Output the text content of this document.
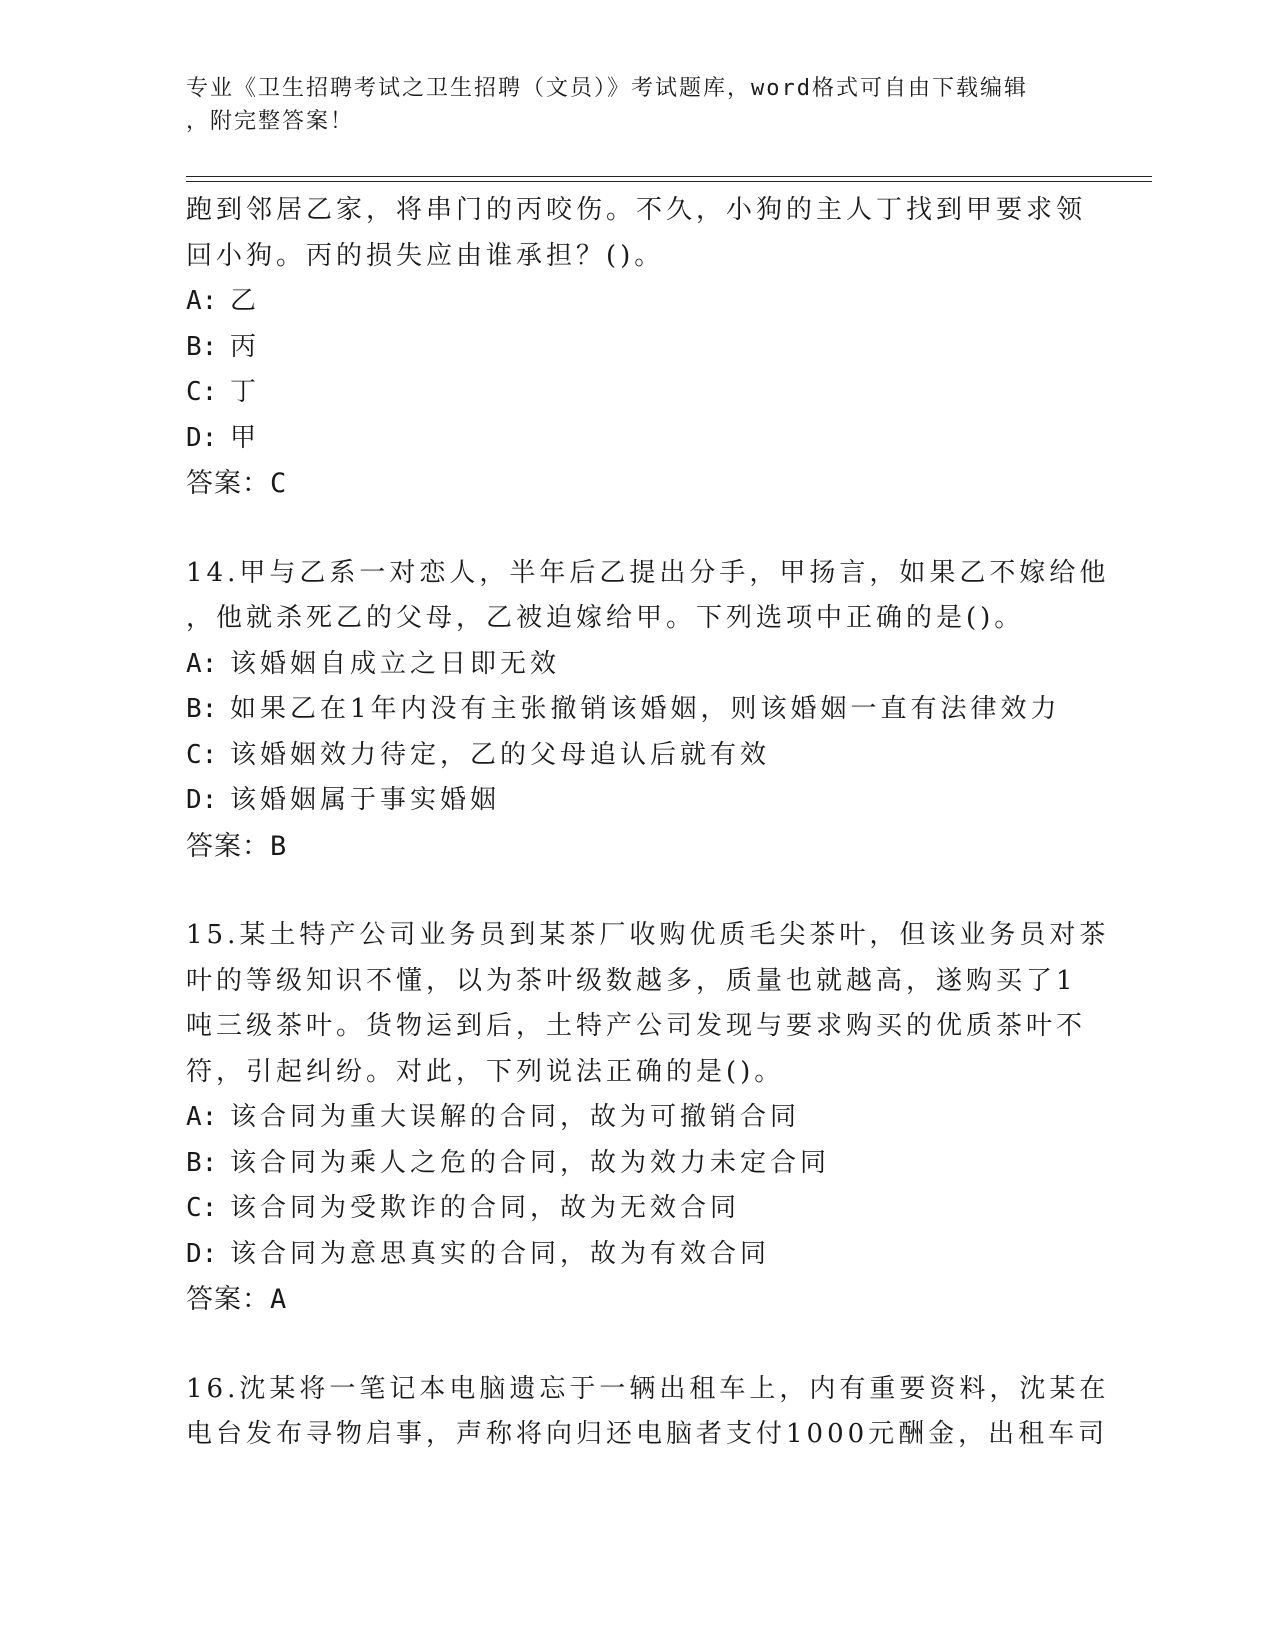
专业《卫生招聘考试之卫生招聘（文员）》考试题库，word格式可自由下载编辑
，附完整答案！
跑到邻居乙家，将串门的丙咬伤。不久，小狗的主人丁找到甲要求领
回小狗。丙的损失应由谁承担？()。
A: 乙
B: 丙
C: 丁
D: 甲
答案：C
14.甲与乙系一对恋人，半年后乙提出分手，甲扬言，如果乙不嫁给他
，他就杀死乙的父母，乙被迫嫁给甲。下列选项中正确的是()。
A: 该婚姻自成立之日即无效
B: 如果乙在1年内没有主张撤销该婚姻，则该婚姻一直有法律效力
C: 该婚姻效力待定，乙的父母追认后就有效
D: 该婚姻属于事实婚姻
答案：B
15.某土特产公司业务员到某茶厂收购优质毛尖茶叶，但该业务员对茶
叶的等级知识不懂，以为茶叶级数越多，质量也就越高，遂购买了1
吨三级茶叶。货物运到后，土特产公司发现与要求购买的优质茶叶不
符，引起纠纷。对此，下列说法正确的是()。
A: 该合同为重大误解的合同，故为可撤销合同
B: 该合同为乘人之危的合同，故为效力未定合同
C: 该合同为受欺诈的合同，故为无效合同
D: 该合同为意思真实的合同，故为有效合同
答案：A
16.沈某将一笔记本电脑遗忘于一辆出租车上，内有重要资料，沈某在
电台发布寻物启事，声称将向归还电脑者支付1000元酬金，出租车司
